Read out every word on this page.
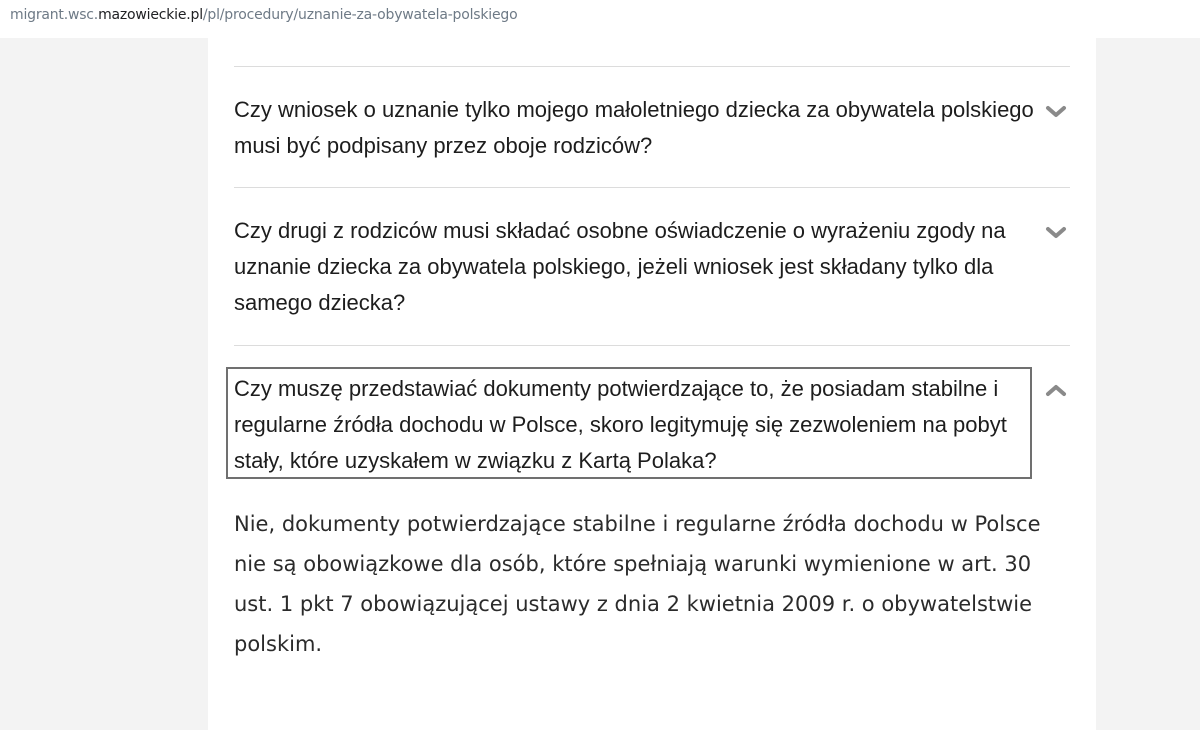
migrant.wsc.mazowieckie.pl/pl/procedury/uznanie-za-obywatela-polskiego
Czy wniosek o uznanie tylko mojego małoletniego dziecka za obywatela polskiego musi być podpisany przez oboje rodziców?
Czy drugi z rodziców musi składać osobne oświadczenie o wyrażeniu zgody na uznanie dziecka za obywatela polskiego, jeżeli wniosek jest składany tylko dla samego dziecka?
Czy muszę przedstawiać dokumenty potwierdzające to, że posiadam stabilne i regularne źródła dochodu w Polsce, skoro legitymuję się zezwoleniem na pobyt stały, które uzyskałem w związku z Kartą Polaka?
Nie, dokumenty potwierdzające stabilne i regularne źródła dochodu w Polsce nie są obowiązkowe dla osób, które spełniają warunki wymienione w art. 30 ust. 1 pkt 7 obowiązującej ustawy z dnia 2 kwietnia 2009 r. o obywatelstwie polskim.
